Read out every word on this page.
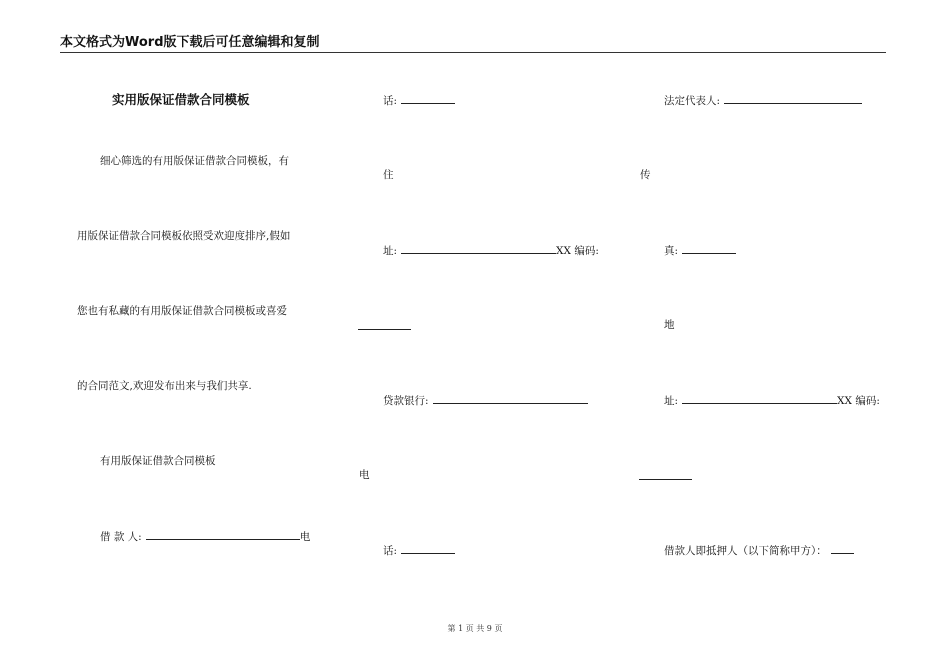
本文格式为Word版下载后可任意编辑和复制
实用版保证借款合同模板
细心筛选的有用版保证借款合同模板，有
用版保证借款合同模板依照受欢迎度排序,假如
您也有私藏的有用版保证借款合同模板或喜爱
的合同范文,欢迎发布出来与我们共享.
有用版保证借款合同模板
借 款 人:	电
话:
住
址:	XX 编码:
贷款银行:
电
话:
法定代表人:
传
真:
地
址:	XX 编码:
借款人即抵押人（以下简称甲方）：
第 1 页 共 9 页
